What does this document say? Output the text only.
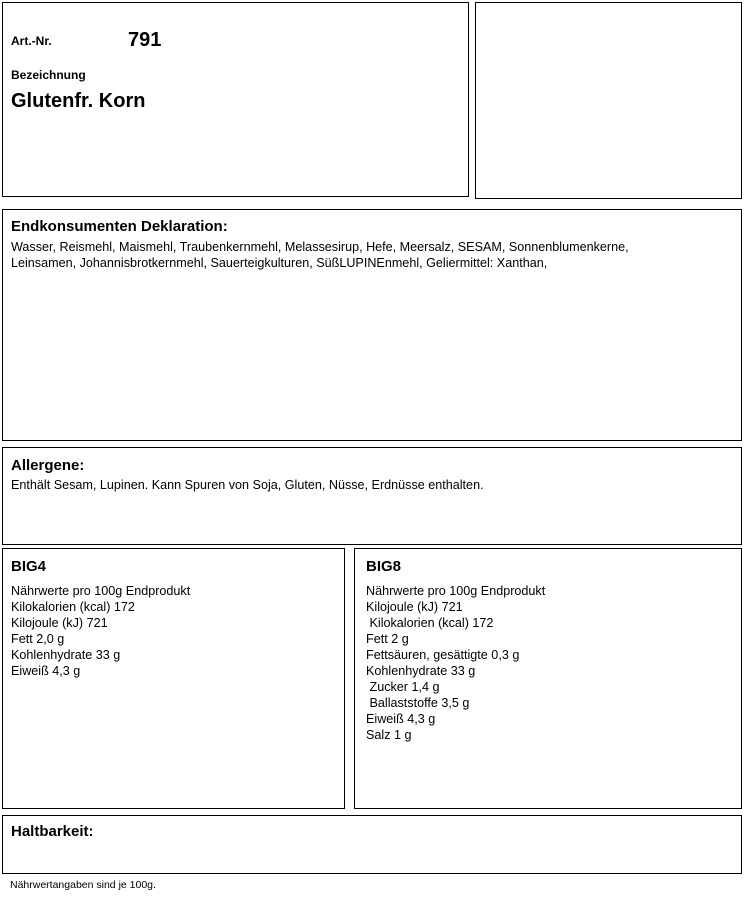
Art.-Nr.	791
Bezeichnung
Glutenfr. Korn
Endkonsumenten Deklaration:
Wasser, Reismehl, Maismehl, Traubenkernmehl, Melassesirup, Hefe, Meersalz, SESAM, Sonnenblumenkerne,
Leinsamen, Johannisbrotkernmehl, Sauerteigkulturen, SüßLUPINEnmehl, Geliermittel: Xanthan,
Allergene:
Enthält Sesam, Lupinen. Kann Spuren von Soja, Gluten, Nüsse, Erdnüsse enthalten.
BIG4
Nährwerte pro 100g Endprodukt
Kilokalorien (kcal) 172
Kilojoule (kJ) 721
Fett 2,0 g
Kohlenhydrate 33 g
Eiweiß 4,3 g
BIG8
Nährwerte pro 100g Endprodukt
Kilojoule (kJ) 721
Kilokalorien (kcal) 172
Fett 2 g
Fettsäuren, gesättigte 0,3 g
Kohlenhydrate 33 g
Zucker 1,4 g
Ballaststoffe 3,5 g
Eiweiß 4,3 g
Salz 1 g
Haltbarkeit:
Nährwertangaben sind je 100g.
